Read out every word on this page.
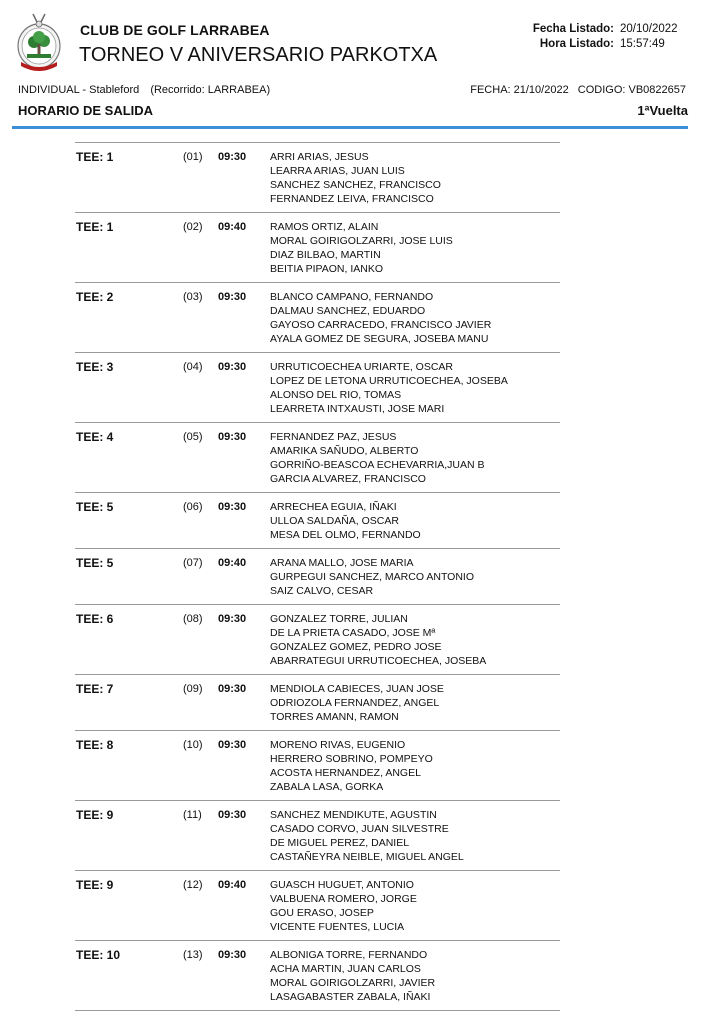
CLUB DE GOLF LARRABEA
TORNEO V ANIVERSARIO PARKOTXA
Fecha Listado: 20/10/2022
Hora Listado: 15:57:49
INDIVIDUAL - Stableford (Recorrido: LARRABEA)	FECHA: 21/10/2022 CODIGO: VB0822657
HORARIO DE SALIDA	1ªVuelta
TEE: 1	(01)	09:30	ARRI ARIAS, JESUS
LEARRA ARIAS, JUAN LUIS
SANCHEZ SANCHEZ, FRANCISCO
FERNANDEZ LEIVA, FRANCISCO
TEE: 1	(02)	09:40	RAMOS ORTIZ, ALAIN
MORAL GOIRIGOLZARRI, JOSE LUIS
DIAZ BILBAO, MARTIN
BEITIA PIPAON, IANKO
TEE: 2	(03)	09:30	BLANCO CAMPANO, FERNANDO
DALMAU SANCHEZ, EDUARDO
GAYOSO CARRACEDO, FRANCISCO JAVIER
AYALA GOMEZ DE SEGURA, JOSEBA MANU
TEE: 3	(04)	09:30	URRUTICOECHEA URIARTE, OSCAR
LOPEZ DE LETONA URRUTICOECHEA, JOSEBA
ALONSO DEL RIO, TOMAS
LEARRETA INTXAUSTI, JOSE MARI
TEE: 4	(05)	09:30	FERNANDEZ PAZ, JESUS
AMARIKA SAÑUDO, ALBERTO
GORRIÑO-BEASCOA ECHEVARRIA,JUAN B
GARCIA ALVAREZ, FRANCISCO
TEE: 5	(06)	09:30	ARRECHEA EGUIA, IÑAKI
ULLOA SALDAÑA, OSCAR
MESA DEL OLMO, FERNANDO
TEE: 5	(07)	09:40	ARANA MALLO, JOSE MARIA
GURPEGUI SANCHEZ, MARCO ANTONIO
SAIZ CALVO, CESAR
TEE: 6	(08)	09:30	GONZALEZ TORRE, JULIAN
DE LA PRIETA CASADO, JOSE Mª
GONZALEZ GOMEZ, PEDRO JOSE
ABARRATEGUI URRUTICOECHEA, JOSEBA
TEE: 7	(09)	09:30	MENDIOLA CABIECES, JUAN JOSE
ODRIOZOLA FERNANDEZ, ANGEL
TORRES AMANN, RAMON
TEE: 8	(10)	09:30	MORENO RIVAS, EUGENIO
HERRERO SOBRINO, POMPEYO
ACOSTA HERNANDEZ, ANGEL
ZABALA LASA, GORKA
TEE: 9	(11)	09:30	SANCHEZ MENDIKUTE, AGUSTIN
CASADO CORVO, JUAN SILVESTRE
DE MIGUEL PEREZ, DANIEL
CASTAÑEYRA NEIBLE, MIGUEL ANGEL
TEE: 9	(12)	09:40	GUASCH HUGUET, ANTONIO
VALBUENA ROMERO, JORGE
GOU ERASO, JOSEP
VICENTE FUENTES, LUCIA
TEE: 10	(13)	09:30	ALBONIGA TORRE, FERNANDO
ACHA MARTIN, JUAN CARLOS
MORAL GOIRIGOLZARRI, JAVIER
LASAGABASTER ZABALA, IÑAKI
